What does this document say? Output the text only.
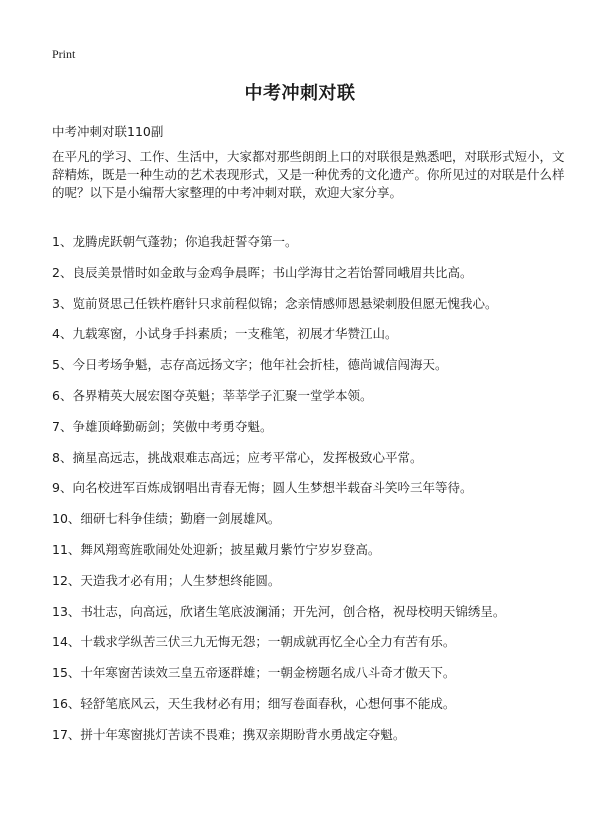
Print
中考冲刺对联

中考冲刺对联110副

在平凡的学习、工作、生活中，大家都对那些朗朗上口的对联很是熟悉吧，对联形式短小，文辞精炼，既是一种生动的艺术表现形式，又是一种优秀的文化遗产。你所见过的对联是什么样的呢？以下是小编帮大家整理的中考冲刺对联，欢迎大家分享。

1、龙腾虎跃朝气蓬勃；你追我赶誓夺第一。
2、良辰美景惜时如金敢与金鸡争晨晖；书山学海甘之若饴誓同峨眉共比高。
3、览前贤思己任铁杵磨针只求前程似锦；念亲情感师恩悬梁刺股但愿无愧我心。
4、九载寒窗，小试身手抖素质；一支稚笔，初展才华赞江山。
5、今日考场争魁，志存高远扬文字；他年社会折桂，德尚诚信闯海天。
6、各界精英大展宏图夺英魁；莘莘学子汇聚一堂学本领。
7、争雄顶峰勤砺剑；笑傲中考勇夺魁。
8、摘星高远志，挑战艰难志高远；应考平常心，发挥极致心平常。
9、向名校进军百炼成钢唱出青春无悔；圆人生梦想半载奋斗笑吟三年等待。
10、细研七科争佳绩；勤磨一剑展雄风。
11、舞风翔鸾旌歌闹处处迎新；披星戴月紫竹宁岁岁登高。
12、天造我才必有用；人生梦想终能圆。
13、书壮志，向高远，欣诸生笔底波澜涌；开先河，创合格，祝母校明天锦绣呈。
14、十载求学纵苦三伏三九无悔无怨；一朝成就再忆全心全力有苦有乐。
15、十年寒窗苦读效三皇五帝逐群雄；一朝金榜题名成八斗奇才傲天下。
16、轻舒笔底风云，天生我材必有用；细写卷面春秋，心想何事不能成。
17、拼十年寒窗挑灯苦读不畏难；携双亲期盼背水勇战定夺魁。
